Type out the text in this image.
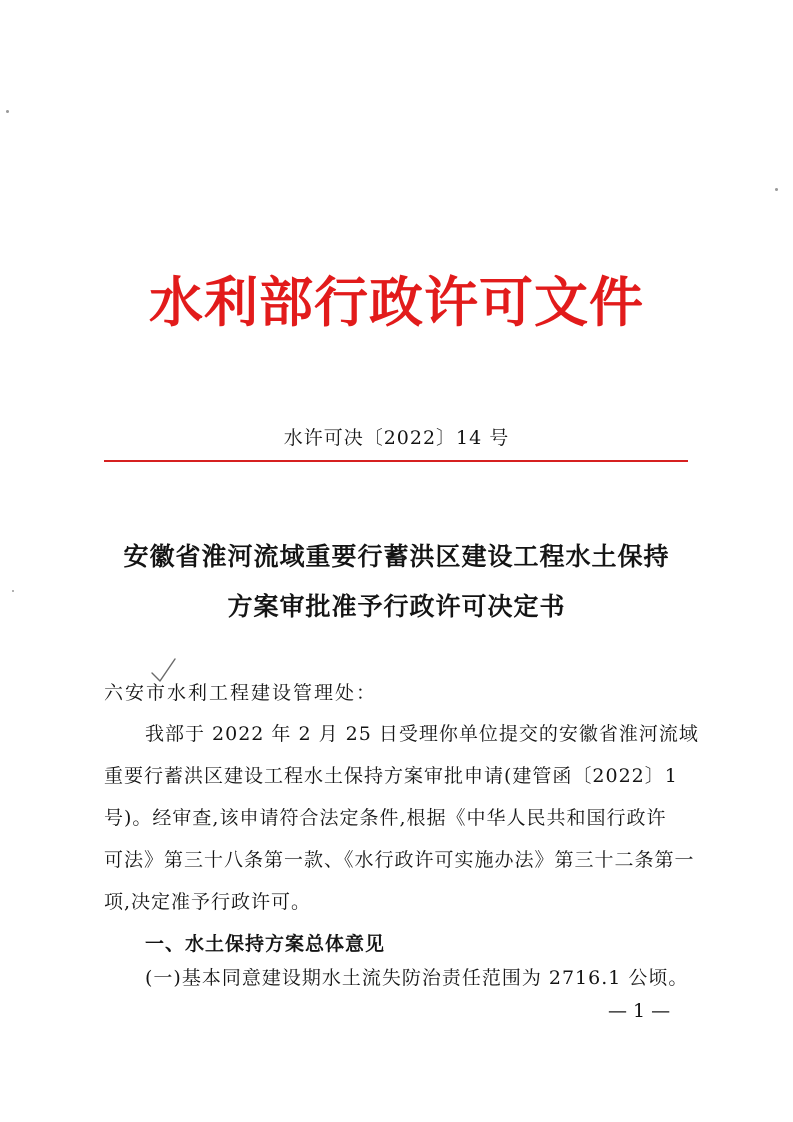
水利部行政许可文件
水许可决〔2022〕14 号
安徽省淮河流域重要行蓄洪区建设工程水土保持
方案审批准予行政许可决定书
六安市水利工程建设管理处：
我部于 2022 年 2 月 25 日受理你单位提交的安徽省淮河流域
重要行蓄洪区建设工程水土保持方案审批申请(建管函〔2022〕1
号)。经审查,该申请符合法定条件,根据《中华人民共和国行政许
可法》第三十八条第一款、《水行政许可实施办法》第三十二条第一
项,决定准予行政许可。
一、水土保持方案总体意见
(一)基本同意建设期水土流失防治责任范围为 2716.1 公顷。
— 1 —
